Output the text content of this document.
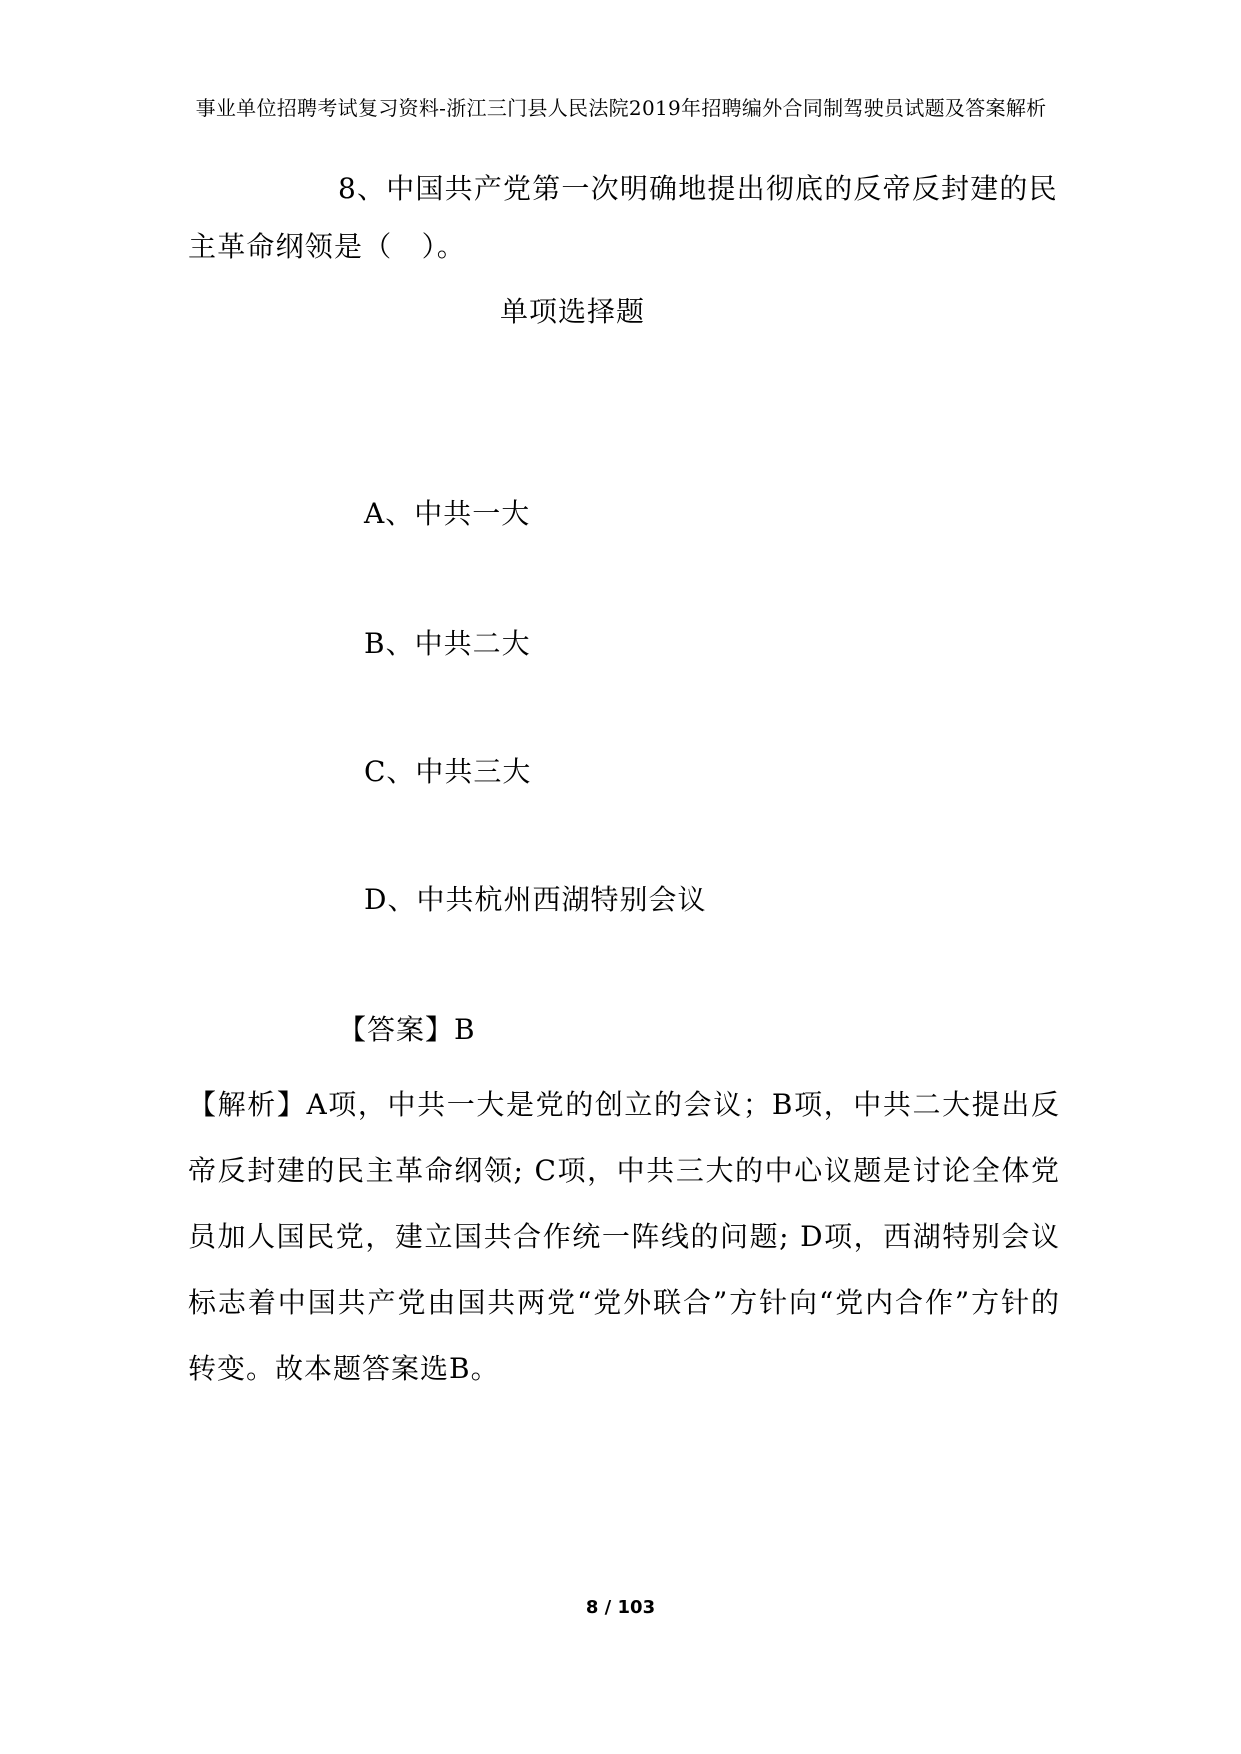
事业单位招聘考试复习资料-浙江三门县人民法院2019年招聘编外合同制驾驶员试题及答案解析
8、中国共产党第一次明确地提出彻底的反帝反封建的民主革命纲领是（　）。
单项选择题
A、中共一大
B、中共二大
C、中共三大
D、中共杭州西湖特别会议
【答案】B
【解析】A项，中共一大是党的创立的会议；B项，中共二大提出反帝反封建的民主革命纲领; C项，中共三大的中心议题是讨论全体党员加人国民党，建立国共合作统一阵线的问题; D项，西湖特别会议标志着中国共产党由国共两党“党外联合”方针向“党内合作”方针的转变。故本题答案选B。
8 / 103
